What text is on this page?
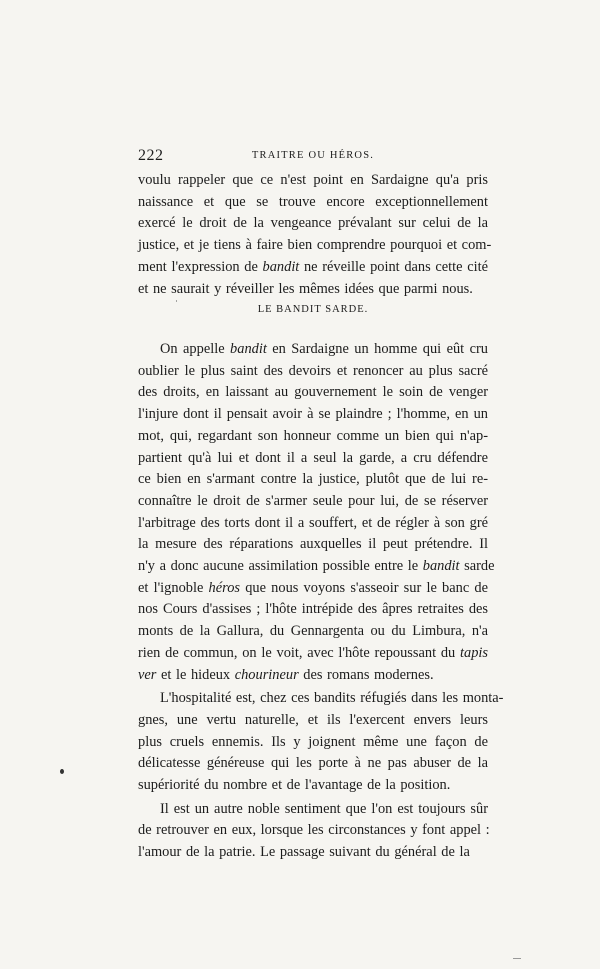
222	TRAITRE OU HÉROS.

voulu rappeler que ce n'est point en Sardaigne qu'a pris
naissance et que se trouve encore exceptionnellement
exercé le droit de la vengeance prévalant sur celui de la
justice, et je tiens à faire bien comprendre pourquoi et com-
ment l'expression de bandit ne réveille point dans cette cité
et ne saurait y réveiller les mêmes idées que parmi nous.

LE BANDIT SARDE.

On appelle bandit en Sardaigne un homme qui eût cru
oublier le plus saint des devoirs et renoncer au plus sacré
des droits, en laissant au gouvernement le soin de venger
l'injure dont il pensait avoir à se plaindre ; l'homme, en un
mot, qui, regardant son honneur comme un bien qui n'ap-
partient qu'à lui et dont il a seul la garde, a cru défendre
ce bien en s'armant contre la justice, plutôt que de lui re-
connaître le droit de s'armer seule pour lui, de se réserver
l'arbitrage des torts dont il a souffert, et de régler à son gré
la mesure des réparations auxquelles il peut prétendre. Il
n'y a donc aucune assimilation possible entre le bandit sarde
et l'ignoble héros que nous voyons s'asseoir sur le banc de
nos Cours d'assises ; l'hôte intrépide des âpres retraites des
monts de la Gallura, du Gennargenta ou du Limbura, n'a
rien de commun, on le voit, avec l'hôte repoussant du tapis
ver et le hideux chourineur des romans modernes.

L'hospitalité est, chez ces bandits réfugiés dans les monta-
gnes, une vertu naturelle, et ils l'exercent envers leurs
plus cruels ennemis. Ils y joignent même une façon de
délicatesse généreuse qui les porte à ne pas abuser de la
supériorité du nombre et de l'avantage de la position.

Il est un autre noble sentiment que l'on est toujours sûr
de retrouver en eux, lorsque les circonstances y font appel :
l'amour de la patrie. Le passage suivant du général de la
